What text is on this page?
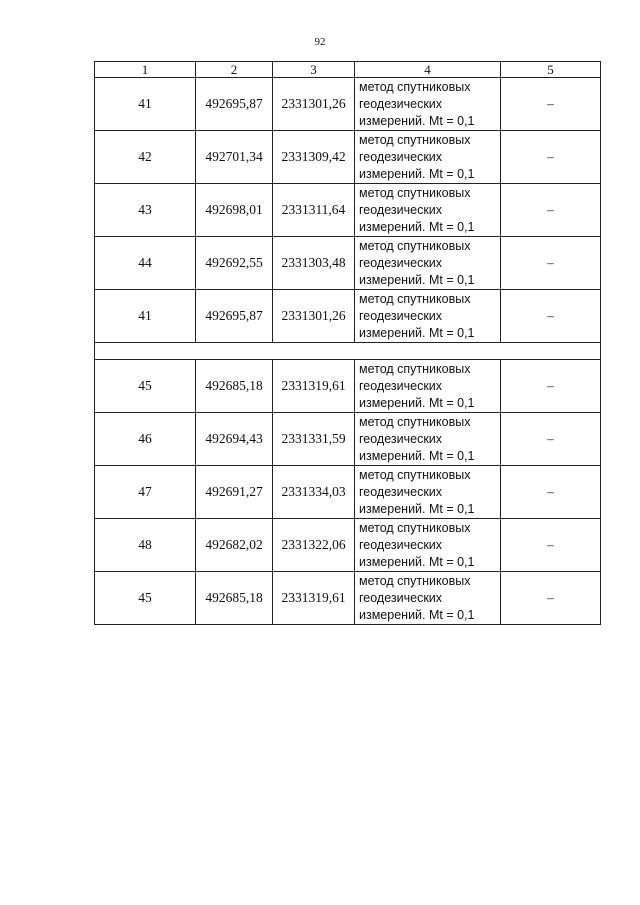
92
1	2	3	4	5
41	492695,87	2331301,26	метод спутниковых
геодезических
измерений. Mt = 0,1	–
42	492701,34	2331309,42	метод спутниковых
геодезических
измерений. Mt = 0,1	–
43	492698,01	2331311,64	метод спутниковых
геодезических
измерений. Mt = 0,1	–
44	492692,55	2331303,48	метод спутниковых
геодезических
измерений. Mt = 0,1	–
41	492695,87	2331301,26	метод спутниковых
геодезических
измерений. Mt = 0,1	–

45	492685,18	2331319,61	метод спутниковых
геодезических
измерений. Mt = 0,1	–
46	492694,43	2331331,59	метод спутниковых
геодезических
измерений. Mt = 0,1	–
47	492691,27	2331334,03	метод спутниковых
геодезических
измерений. Mt = 0,1	–
48	492682,02	2331322,06	метод спутниковых
геодезических
измерений. Mt = 0,1	–
45	492685,18	2331319,61	метод спутниковых
геодезических
измерений. Mt = 0,1	–
